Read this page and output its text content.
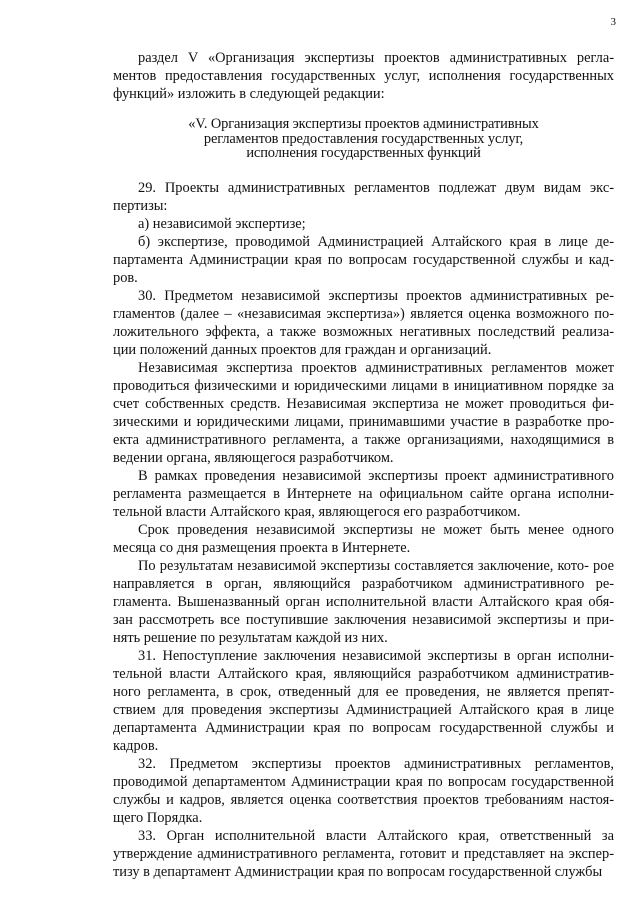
3

раздел V «Организация экспертизы проектов административных регла- ментов предоставления государственных услуг, исполнения государственных функций» изложить в следующей редакции:

«V. Организация экспертизы проектов административных
регламентов предоставления государственных услуг,
исполнения государственных функций

29. Проекты административных регламентов подлежат двум видам экс- пертизы:

а) независимой экспертизе;

б) экспертизе, проводимой Администрацией Алтайского края в лице де- партамента Администрации края по вопросам государственной службы и кад- ров.

30. Предметом независимой экспертизы проектов административных ре- гламентов (далее – «независимая экспертиза») является оценка возможного по- ложительного эффекта, а также возможных негативных последствий реализа- ции положений данных проектов для граждан и организаций.

Независимая экспертиза проектов административных регламентов может проводиться физическими и юридическими лицами в инициативном порядке за счет собственных средств. Независимая экспертиза не может проводиться фи- зическими и юридическими лицами, принимавшими участие в разработке про- екта административного регламента, а также организациями, находящимися в ведении органа, являющегося разработчиком.

В рамках проведения независимой экспертизы проект административного регламента размещается в Интернете на официальном сайте органа исполни- тельной власти Алтайского края, являющегося его разработчиком.

Срок проведения независимой экспертизы не может быть менее одного месяца со дня размещения проекта в Интернете.

По результатам независимой экспертизы составляется заключение, кото- рое направляется в орган, являющийся разработчиком административного ре- гламента. Вышеназванный орган исполнительной власти Алтайского края обя- зан рассмотреть все поступившие заключения независимой экспертизы и при- нять решение по результатам каждой из них.

31. Непоступление заключения независимой экспертизы в орган исполни- тельной власти Алтайского края, являющийся разработчиком административ- ного регламента, в срок, отведенный для ее проведения, не является препят- ствием для проведения экспертизы Администрацией Алтайского края в лице департамента Администрации края по вопросам государственной службы и кадров.

32. Предметом экспертизы проектов административных регламентов, проводимой департаментом Администрации края по вопросам государственной службы и кадров, является оценка соответствия проектов требованиям настоя- щего Порядка.

33. Орган исполнительной власти Алтайского края, ответственный за утверждение административного регламента, готовит и представляет на экспер- тизу в департамент Администрации края по вопросам государственной службы
